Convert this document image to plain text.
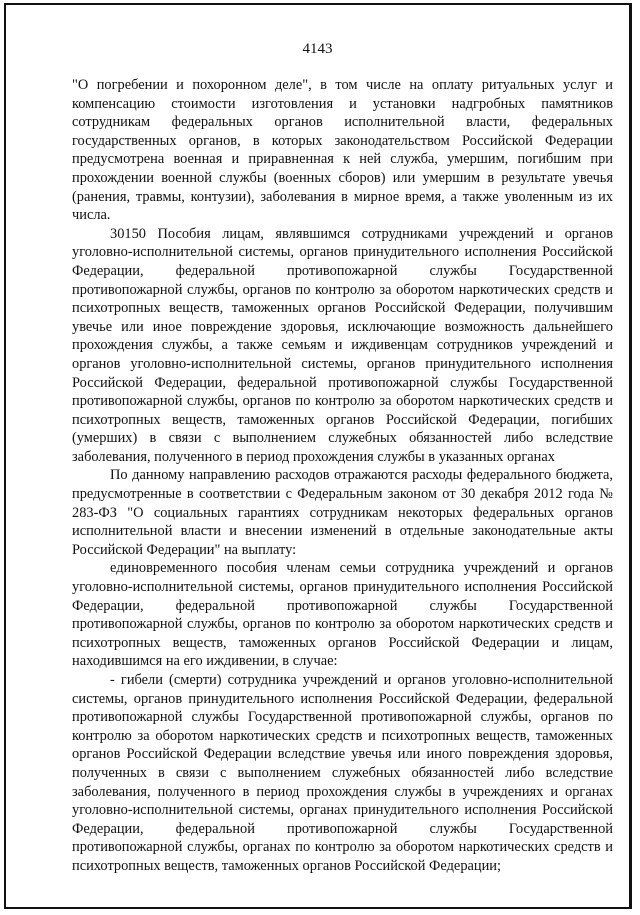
4143

"О погребении и похоронном деле", в том числе на оплату ритуальных услуг и компенсацию стоимости изготовления и установки надгробных памятников сотрудникам федеральных органов исполнительной власти, федеральных государственных органов, в которых законодательством Российской Федерации предусмотрена военная и приравненная к ней служба, умершим, погибшим при прохождении военной службы (военных сборов) или умершим в результате увечья (ранения, травмы, контузии), заболевания в мирное время, а также уволенным из их числа.

30150 Пособия лицам, являвшимся сотрудниками учреждений и органов уголовно-исполнительной системы, органов принудительного исполнения Российской Федерации, федеральной противопожарной службы Государственной противопожарной службы, органов по контролю за оборотом наркотических средств и психотропных веществ, таможенных органов Российской Федерации, получившим увечье или иное повреждение здоровья, исключающие возможность дальнейшего прохождения службы, а также семьям и иждивенцам сотрудников учреждений и органов уголовно-исполнительной системы, органов принудительного исполнения Российской Федерации, федеральной противопожарной службы Государственной противопожарной службы, органов по контролю за оборотом наркотических средств и психотропных веществ, таможенных органов Российской Федерации, погибших (умерших) в связи с выполнением служебных обязанностей либо вследствие заболевания, полученного в период прохождения службы в указанных органах

По данному направлению расходов отражаются расходы федерального бюджета, предусмотренные в соответствии с Федеральным законом от 30 декабря 2012 года № 283-ФЗ "О социальных гарантиях сотрудникам некоторых федеральных органов исполнительной власти и внесении изменений в отдельные законодательные акты Российской Федерации" на выплату:

единовременного пособия членам семьи сотрудника учреждений и органов уголовно-исполнительной системы, органов принудительного исполнения Российской Федерации, федеральной противопожарной службы Государственной противопожарной службы, органов по контролю за оборотом наркотических средств и психотропных веществ, таможенных органов Российской Федерации и лицам, находившимся на его иждивении, в случае:

- гибели (смерти) сотрудника учреждений и органов уголовно-исполнительной системы, органов принудительного исполнения Российской Федерации, федеральной противопожарной службы Государственной противопожарной службы, органов по контролю за оборотом наркотических средств и психотропных веществ, таможенных органов Российской Федерации вследствие увечья или иного повреждения здоровья, полученных в связи с выполнением служебных обязанностей либо вследствие заболевания, полученного в период прохождения службы в учреждениях и органах уголовно-исполнительной системы, органах принудительного исполнения Российской Федерации, федеральной противопожарной службы Государственной противопожарной службы, органах по контролю за оборотом наркотических средств и психотропных веществ, таможенных органов Российской Федерации;
